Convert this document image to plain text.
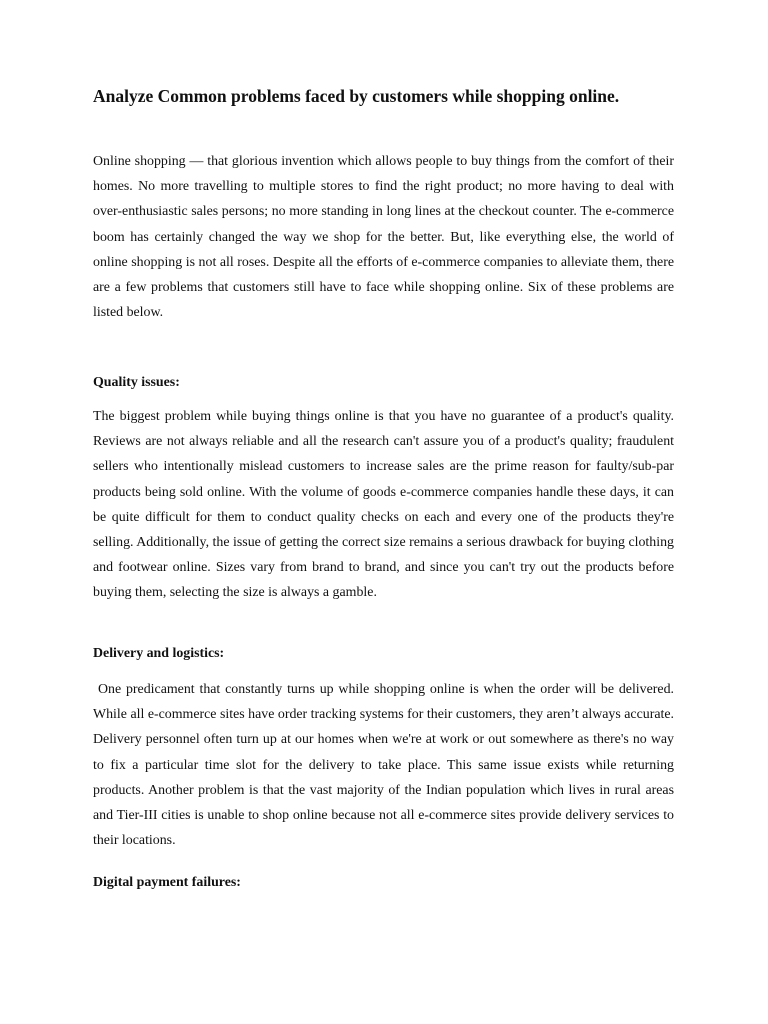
Analyze Common problems faced by customers while shopping online.

Online shopping — that glorious invention which allows people to buy things from the comfort of their homes. No more travelling to multiple stores to find the right product; no more having to deal with over-enthusiastic sales persons; no more standing in long lines at the checkout counter. The e-commerce boom has certainly changed the way we shop for the better. But, like everything else, the world of online shopping is not all roses. Despite all the efforts of e-commerce companies to alleviate them, there are a few problems that customers still have to face while shopping online. Six of these problems are listed below.

Quality issues:

The biggest problem while buying things online is that you have no guarantee of a product's quality. Reviews are not always reliable and all the research can't assure you of a product's quality; fraudulent sellers who intentionally mislead customers to increase sales are the prime reason for faulty/sub-par products being sold online. With the volume of goods e-commerce companies handle these days, it can be quite difficult for them to conduct quality checks on each and every one of the products they're selling. Additionally, the issue of getting the correct size remains a serious drawback for buying clothing and footwear online. Sizes vary from brand to brand, and since you can't try out the products before buying them, selecting the size is always a gamble.

Delivery and logistics:

One predicament that constantly turns up while shopping online is when the order will be delivered. While all e-commerce sites have order tracking systems for their customers, they aren’t always accurate. Delivery personnel often turn up at our homes when we're at work or out somewhere as there's no way to fix a particular time slot for the delivery to take place. This same issue exists while returning products. Another problem is that the vast majority of the Indian population which lives in rural areas and Tier-III cities is unable to shop online because not all e-commerce sites provide delivery services to their locations.

Digital payment failures:
